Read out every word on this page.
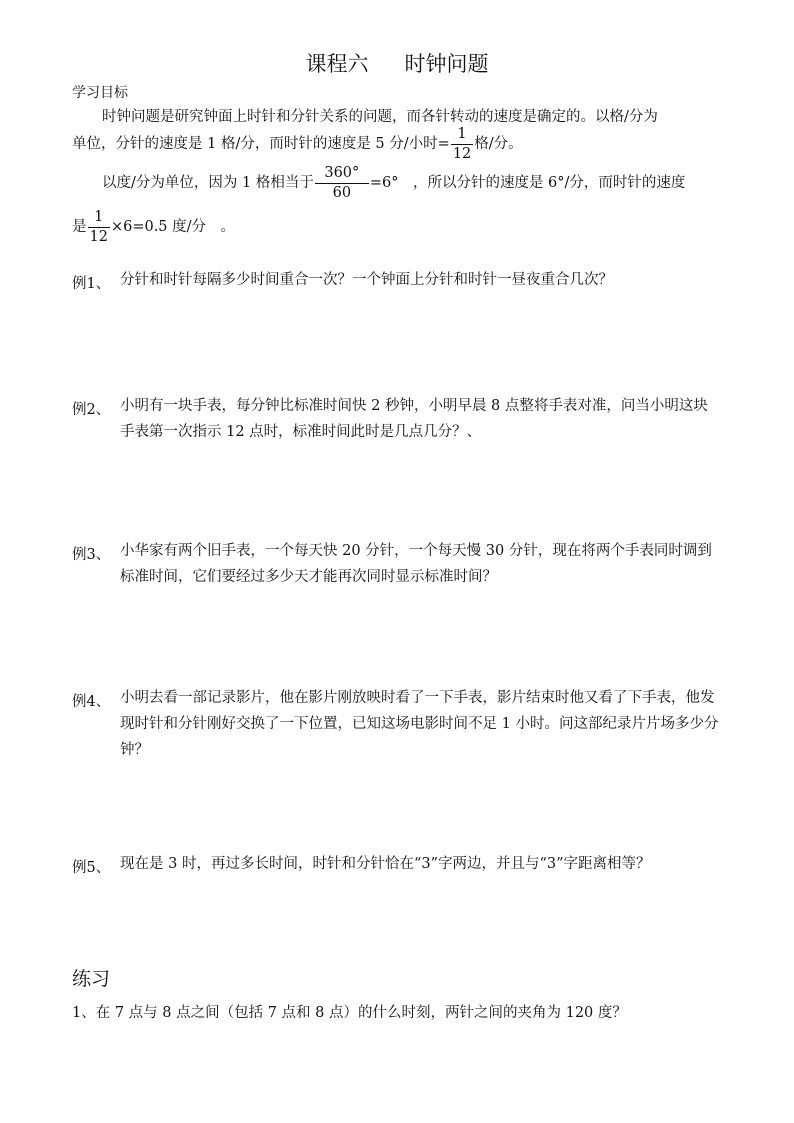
课程六 时钟问题
学习目标
时钟问题是研究钟面上时针和分针关系的问题，而各针转动的速度是确定的。以格/分为
单位，分针的速度是 1 格/分，而时针的速度是 5 分/小时= $\frac{1}{12}$ 格/分。
以度/分为单位，因为 1 格相当于 $\frac{360^\circ}{60} =6^\circ$　，所以分针的速度是 6°/分，而时针的速度
是 $\frac{1}{12} \times 6=0.5$ 度/分　。
例1、 分针和时针每隔多少时间重合一次？一个钟面上分针和时针一昼夜重合几次？
例2、 小明有一块手表，每分钟比标准时间快 2 秒钟，小明早晨 8 点整将手表对准，问当小明这块手表第一次指示 12 点时，标准时间此时是几点几分？、
例3、 小华家有两个旧手表，一个每天快 20 分针，一个每天慢 30 分针，现在将两个手表同时调到标准时间，它们要经过多少天才能再次同时显示标准时间？
例4、 小明去看一部记录影片，他在影片刚放映时看了一下手表，影片结束时他又看了下手表，他发现时针和分针刚好交换了一下位置，已知这场电影时间不足 1 小时。问这部纪录片片场多少分钟？
例5、 现在是 3 时，再过多长时间，时针和分针恰在“3”字两边，并且与“3”字距离相等？
练习
1、在 7 点与 8 点之间（包括 7 点和 8 点）的什么时刻，两针之间的夹角为 120 度？
